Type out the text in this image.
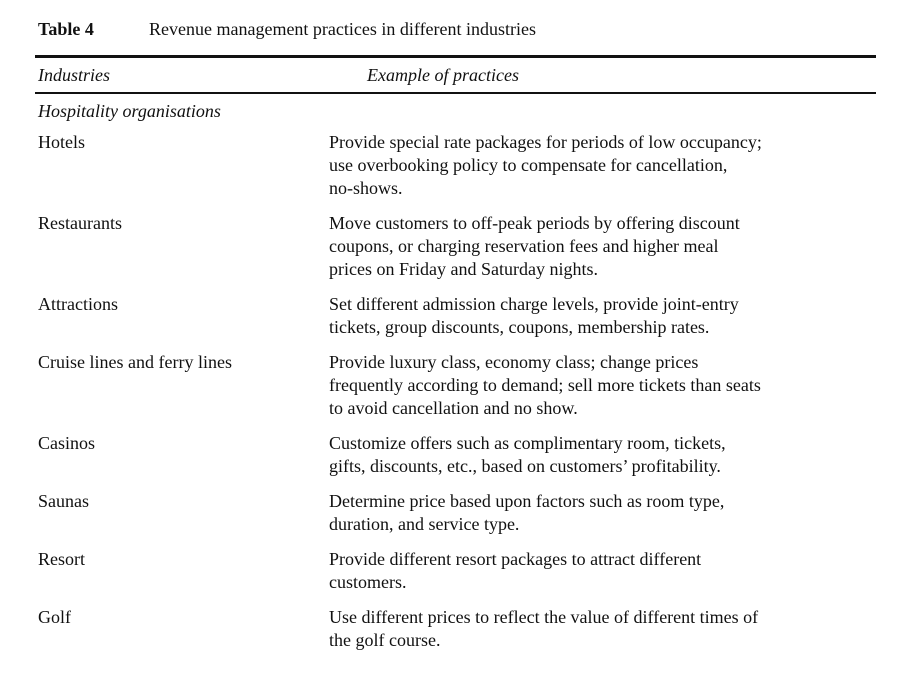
Table 4	Revenue management practices in different industries
Industries	Example of practices
Hospitality organisations
Hotels	Provide special rate packages for periods of low occupancy;
use overbooking policy to compensate for cancellation,
no-shows.
Restaurants	Move customers to off-peak periods by offering discount
coupons, or charging reservation fees and higher meal
prices on Friday and Saturday nights.
Attractions	Set different admission charge levels, provide joint-entry
tickets, group discounts, coupons, membership rates.
Cruise lines and ferry lines	Provide luxury class, economy class; change prices
frequently according to demand; sell more tickets than seats
to avoid cancellation and no show.
Casinos	Customize offers such as complimentary room, tickets,
gifts, discounts, etc., based on customers’ profitability.
Saunas	Determine price based upon factors such as room type,
duration, and service type.
Resort	Provide different resort packages to attract different
customers.
Golf	Use different prices to reflect the value of different times of
the golf course.
